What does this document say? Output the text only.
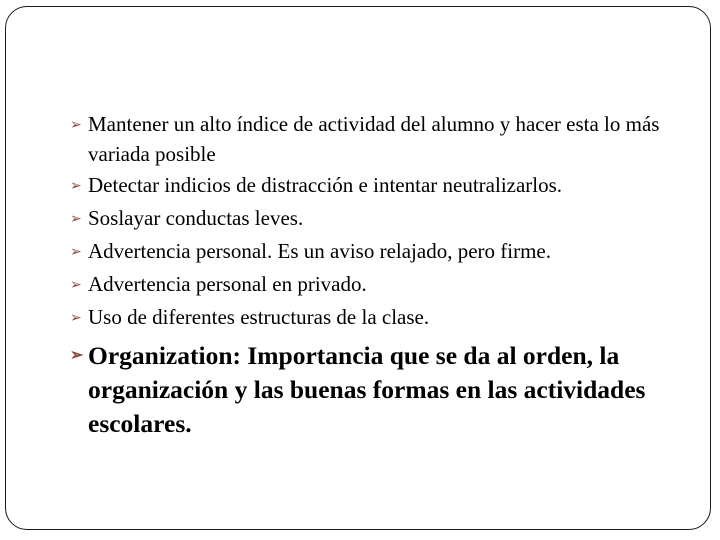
➢ Mantener un alto índice de actividad del alumno y hacer esta lo más variada posible
➢ Detectar indicios de distracción e intentar neutralizarlos.
➢ Soslayar conductas leves.
➢ Advertencia personal. Es un aviso relajado, pero firme.
➢ Advertencia personal en privado.
➢ Uso de diferentes estructuras de la clase.
➢ Organization: Importancia que se da al orden, la organización y las buenas formas en las actividades escolares.
